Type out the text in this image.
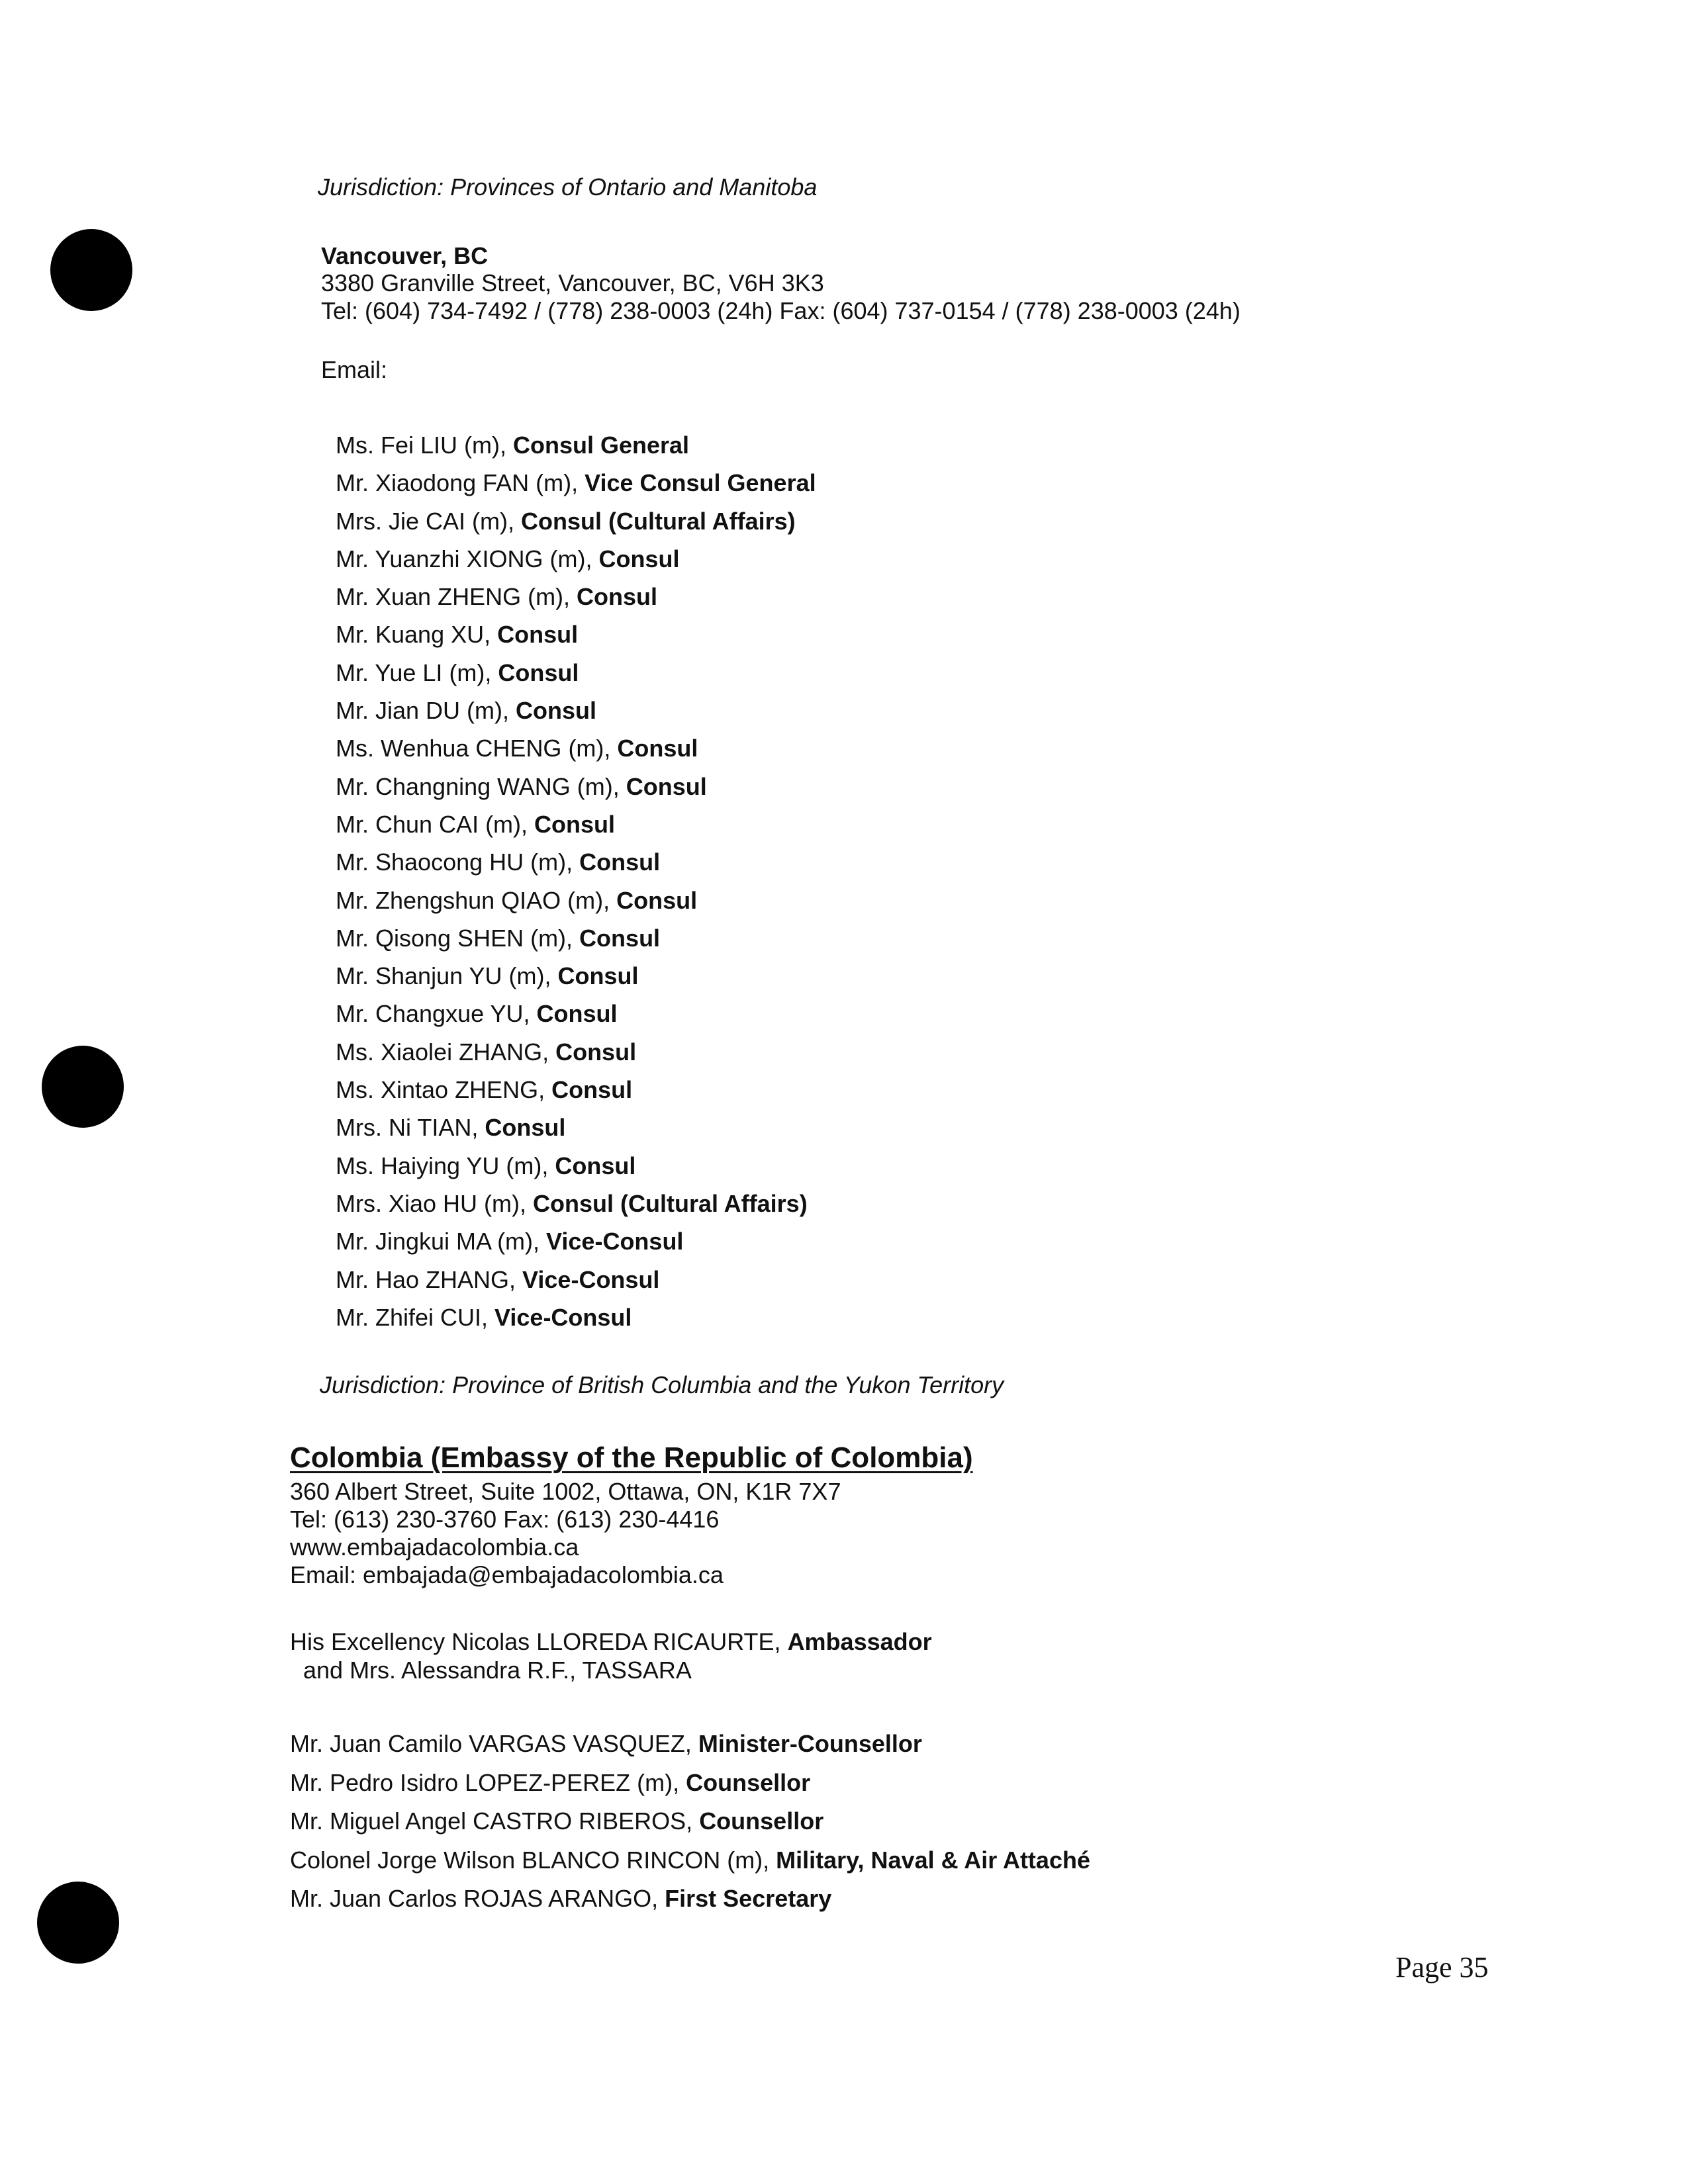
Jurisdiction: Provinces of Ontario and Manitoba
Vancouver, BC
3380 Granville Street, Vancouver, BC, V6H 3K3
Tel: (604) 734-7492 / (778) 238-0003 (24h) Fax: (604) 737-0154 / (778) 238-0003 (24h)
Email:
Ms. Fei LIU (m), Consul General
Mr. Xiaodong FAN (m), Vice Consul General
Mrs. Jie CAI (m), Consul (Cultural Affairs)
Mr. Yuanzhi XIONG (m), Consul
Mr. Xuan ZHENG (m), Consul
Mr. Kuang XU, Consul
Mr. Yue LI (m), Consul
Mr. Jian DU (m), Consul
Ms. Wenhua CHENG (m), Consul
Mr. Changning WANG (m), Consul
Mr. Chun CAI (m), Consul
Mr. Shaocong HU (m), Consul
Mr. Zhengshun QIAO (m), Consul
Mr. Qisong SHEN (m), Consul
Mr. Shanjun YU (m), Consul
Mr. Changxue YU, Consul
Ms. Xiaolei ZHANG, Consul
Ms. Xintao ZHENG, Consul
Mrs. Ni TIAN, Consul
Ms. Haiying YU (m), Consul
Mrs. Xiao HU (m), Consul (Cultural Affairs)
Mr. Jingkui MA (m), Vice-Consul
Mr. Hao ZHANG, Vice-Consul
Mr. Zhifei CUI, Vice-Consul
Jurisdiction: Province of British Columbia and the Yukon Territory
Colombia (Embassy of the Republic of Colombia)
360 Albert Street, Suite 1002, Ottawa, ON, K1R 7X7
Tel: (613) 230-3760 Fax: (613) 230-4416
www.embajadacolombia.ca
Email: embajada@embajadacolombia.ca
His Excellency Nicolas LLOREDA RICAURTE, Ambassador
and Mrs. Alessandra R.F., TASSARA
Mr. Juan Camilo VARGAS VASQUEZ, Minister-Counsellor
Mr. Pedro Isidro LOPEZ-PEREZ (m), Counsellor
Mr. Miguel Angel CASTRO RIBEROS, Counsellor
Colonel Jorge Wilson BLANCO RINCON (m), Military, Naval & Air Attaché
Mr. Juan Carlos ROJAS ARANGO, First Secretary
Page 35
